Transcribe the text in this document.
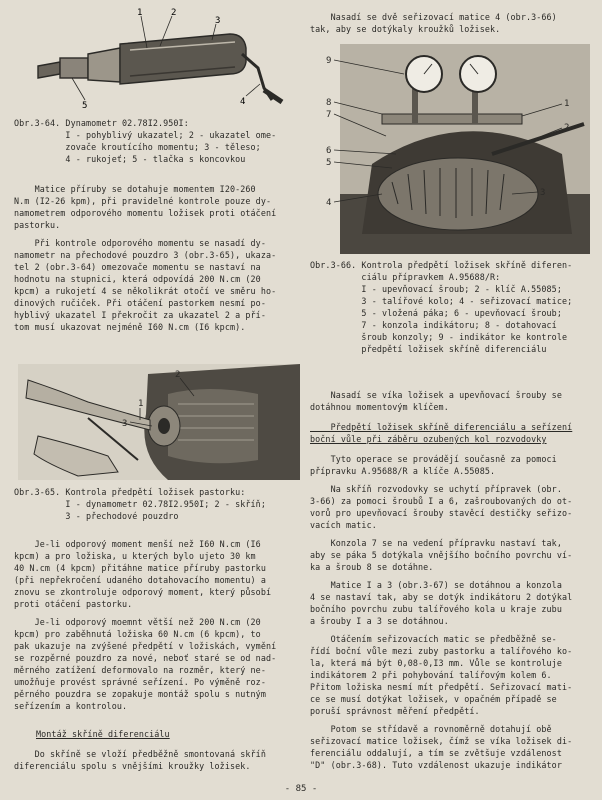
1	2
3
4
5

Obr.3-64. Dynamometr 02.78I2.950I:

I - pohyblivý ukazatel; 2 - ukazatel ome-

zovače kroutícího momentu; 3 - těleso;

4 - rukojeť; 5 - tlačka s koncovkou

Matice příruby se dotahuje momentem I20-260

N.m (I2-26 kpm), při pravidelné kontrole pouze dy-

namometrem odporového momentu ložisek proti otáčení

pastorku.

Při kontrole odporového momentu se nasadí dy-

namometr na přechodové pouzdro 3 (obr.3-65), ukaza-

tel 2 (obr.3-64) omezovače momentu se nastaví na

hodnotu na stupnici, která odpovídá 200 N.cm (20

kpcm) a rukojetí 4 se několikrát otočí ve směru ho-

dinových ručiček. Při otáčení pastorkem nesmí po-

hyblivý ukazatel I překročit za ukazatel 2 a pří-

tom musí ukazovat nejméně I60 N.cm (I6 kpcm).

2
1
3

Obr.3-65. Kontrola předpětí ložisek pastorku:

I - dynamometr 02.78I2.950I; 2 - skříň;

3 - přechodové pouzdro

Je-li odporový moment menší než I60 N.cm (I6

kpcm) a pro ložiska, u kterých bylo ujeto 30 km

40 N.cm (4 kpcm) přitáhne matice příruby pastorku

(při nepřekročení udaného dotahovacího momentu) a

znovu se zkontroluje odporový moment, který působí

proti otáčení pastorku.

Je-li odporový moemnt větší než 200 N.cm (20

kpcm) pro zaběhnutá ložiska 60 N.cm (6 kpcm), to

pak ukazuje na zvýšené předpětí v ložiskách, vymění

se rozpěrné pouzdro za nové, neboť staré se od nad-

měrného zatížení deformovalo na rozměr, který ne-

umožňuje provést správné seřízení. Po výměně roz-

pěrného pouzdra se zopakuje montáž spolu s nutným

seřízením a kontrolou.

Montáž skříně diferenciálu

Do skříně se vloží předběžně smontovaná skříň

diferenciálu spolu s vnějšími kroužky ložisek.

Nasadí se dvě seřizovací matice 4 (obr.3-66)

tak, aby se dotýkaly kroužků ložisek.

9
8
7
6
5
4
1
2
3

Obr.3-66. Kontrola předpětí ložisek skříně diferen-

ciálu přípravkem A.95688/R:

I - upevňovací šroub; 2 - klíč A.55085;

3 - talířové kolo; 4 - seřizovací matice;

5 - vložená páka; 6 - upevňovací šroub;

7 - konzola indikátoru; 8 - dotahovací

šroub konzoly; 9 - indikátor ke kontrole

předpětí ložisek skříně diferenciálu

Nasadí se víka ložisek a upevňovací šrouby se

dotáhnou momentovým klíčem.

Předpětí ložisek skříně diferenciálu a seřízení

boční vůle při záběru ozubených kol rozvodovky

Tyto operace se provádějí současně za pomoci

přípravku A.95688/R a klíče A.55085.

Na skříň rozvodovky se uchytí přípravek (obr.

3-66) za pomoci šroubů I a 6, zašroubovaných do ot-

vorů pro upevňovací šrouby stavěcí destičky seřizo-

vacích matic.

Konzola 7 se na vedení přípravku nastaví tak,

aby se páka 5 dotýkala vnějšího bočního povrchu ví-

ka a šroub 8 se dotáhne.

Matice I a 3 (obr.3-67) se dotáhnou a konzola

4 se nastaví tak, aby se dotýk indikátoru 2 dotýkal

bočního povrchu zubu talířového kola u kraje zubu

a šrouby I a 3 se dotáhnou.

Otáčením seřizovacích matic se předběžně se-

řídí boční vůle mezi zuby pastorku a talířového ko-

la, která má být 0,08-0,I3 mm. Vůle se kontroluje

indikátorem 2 při pohybování talířovým kolem 6.

Přitom ložiska nesmí mít předpětí. Seřizovací mati-

ce se musí dotýkat ložisek, v opačném případě se

poruší správnost měření předpětí.

Potom se střídavě a rovnoměrně dotahují obě

seřizovací matice ložisek, čímž se víka ložisek di-

ferenciálu oddalují, a tím se zvětšuje vzdálenost

"D" (obr.3-68). Tuto vzdálenost ukazuje indikátor

- 85 -
